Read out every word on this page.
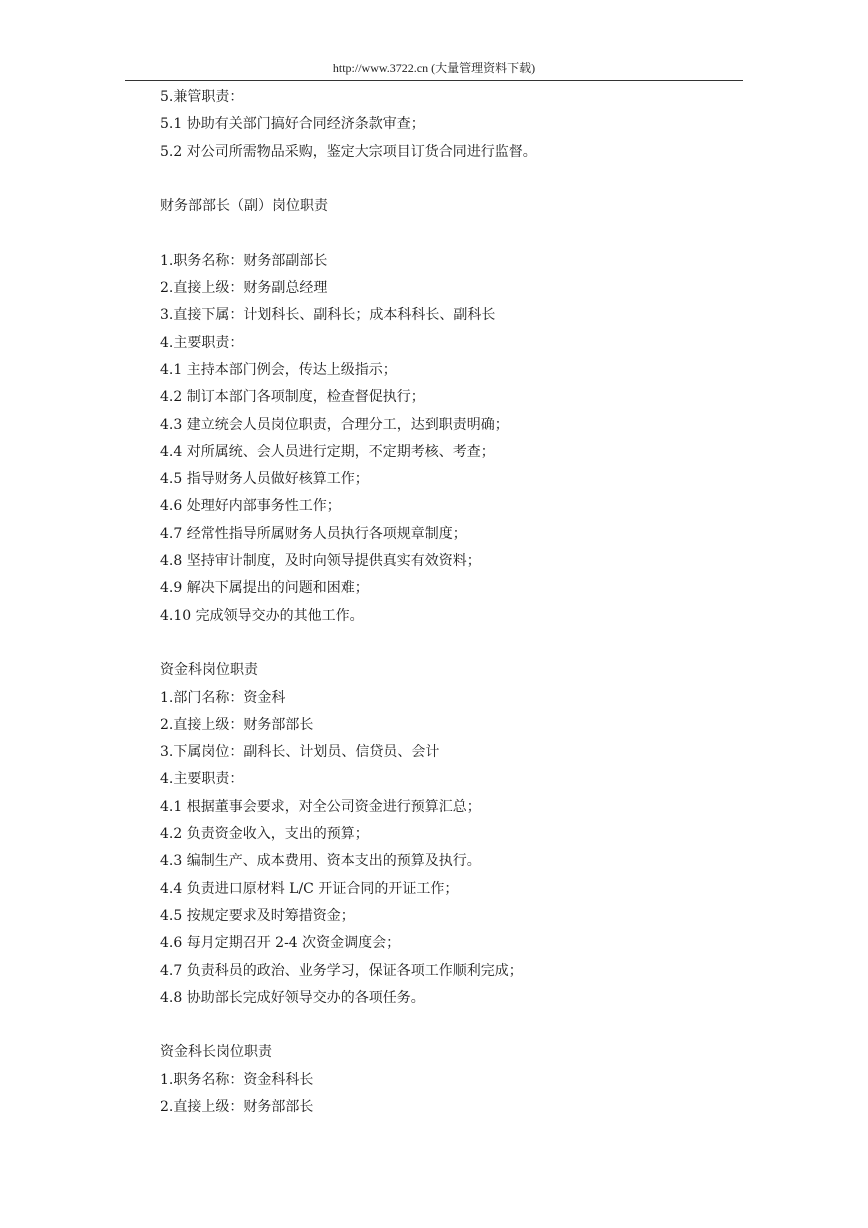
http://www.3722.cn (大量管理资料下载)
5.兼管职责：
5.1 协助有关部门搞好合同经济条款审查；
5.2 对公司所需物品采购，鉴定大宗项目订货合同进行监督。
财务部部长（副）岗位职责
1.职务名称：财务部副部长
2.直接上级：财务副总经理
3.直接下属：计划科长、副科长；成本科科长、副科长
4.主要职责：
4.1 主持本部门例会，传达上级指示；
4.2 制订本部门各项制度，检查督促执行；
4.3 建立统会人员岗位职责，合理分工，达到职责明确；
4.4 对所属统、会人员进行定期，不定期考核、考查；
4.5 指导财务人员做好核算工作；
4.6 处理好内部事务性工作；
4.7 经常性指导所属财务人员执行各项规章制度；
4.8 坚持审计制度，及时向领导提供真实有效资料；
4.9 解决下属提出的问题和困难；
4.10 完成领导交办的其他工作。
资金科岗位职责
1.部门名称：资金科
2.直接上级：财务部部长
3.下属岗位：副科长、计划员、信贷员、会计
4.主要职责：
4.1 根据董事会要求，对全公司资金进行预算汇总；
4.2 负责资金收入，支出的预算；
4.3 编制生产、成本费用、资本支出的预算及执行。
4.4 负责进口原材料 L/C 开证合同的开证工作；
4.5 按规定要求及时筹措资金；
4.6 每月定期召开 2-4 次资金调度会；
4.7 负责科员的政治、业务学习，保证各项工作顺利完成；
4.8 协助部长完成好领导交办的各项任务。
资金科长岗位职责
1.职务名称：资金科科长
2.直接上级：财务部部长
